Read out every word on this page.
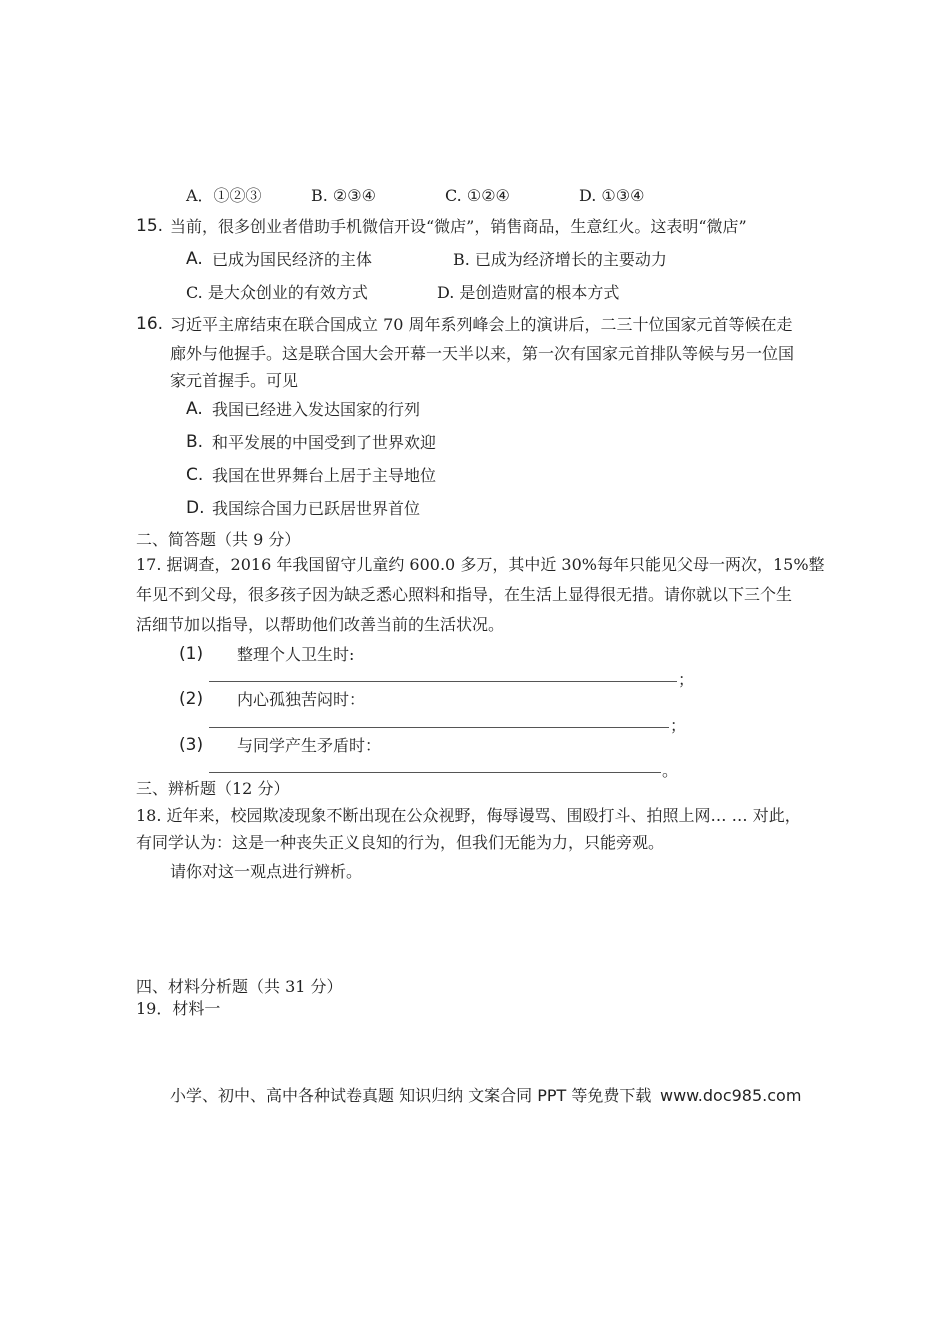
A．①②③	B. ②③④	C. ①②④	D. ①③④
15. 当前，很多创业者借助手机微信开设“微店”，销售商品，生意红火。这表明“微店”
A. 已成为国民经济的主体	B. 已成为经济增长的主要动力
C. 是大众创业的有效方式	D. 是创造财富的根本方式
16. 习近平主席结束在联合国成立 70 周年系列峰会上的演讲后，二三十位国家元首等候在走
廊外与他握手。这是联合国大会开幕一天半以来，第一次有国家元首排队等候与另一位国
家元首握手。可见
A. 我国已经进入发达国家的行列
B. 和平发展的中国受到了世界欢迎
C. 我国在世界舞台上居于主导地位
D. 我国综合国力已跃居世界首位
二、简答题（共 9 分）
17. 据调查，2016 年我国留守儿童约 600.0 多万，其中近 30%每年只能见父母一两次，15%整
年见不到父母，很多孩子因为缺乏悉心照料和指导，在生活上显得很无措。请你就以下三个生
活细节加以指导，以帮助他们改善当前的生活状况。
(1) 整理个人卫生时:
；
(2) 内心孤独苦闷时：
；
(3) 与同学产生矛盾时：
。
三、辨析题（12 分）
18. 近年来，校园欺凌现象不断出现在公众视野，侮辱谩骂、围殴打斗、拍照上网… … 对此，
有同学认为：这是一种丧失正义良知的行为，但我们无能为力，只能旁观。
请你对这一观点进行辨析。
四、材料分析题（共 31 分）
19．材料一
小学、初中、高中各种试卷真题 知识归纳 文案合同 PPT 等免费下载 www.doc985.com
